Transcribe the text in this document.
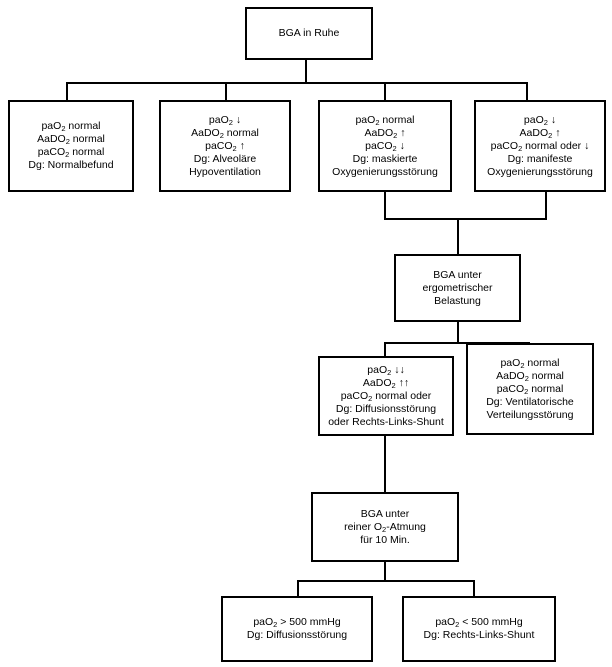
BGA in Ruhe
paO$_2$ normal
AaDO$_2$ normal
paCO$_2$ normal
Dg: Normalbefund
paO$_2$ ↓
AaDO$_2$ normal
paCO$_2$ ↑
Dg: Alveoläre
Hypoventilation
paO$_2$ normal
AaDO$_2$ ↑
paCO$_2$ ↓
Dg: maskierte
Oxygenierungsstörung
paO$_2$ ↓
AaDO$_2$ ↑
paCO$_2$ normal oder ↓
Dg: manifeste
Oxygenierungsstörung
BGA unter
ergometrischer
Belastung
paO$_2$ ↓↓
AaDO$_2$ ↑↑
paCO$_2$ normal oder
Dg: Diffusionsstörung
oder Rechts-Links-Shunt
paO$_2$ normal
AaDO$_2$ normal
paCO$_2$ normal
Dg: Ventilatorische
Verteilungsstörung
BGA unter
reiner $O_2$-Atmung
für 10 Min.
paO$_2$ > 500 mmHg
Dg: Diffusionsstörung
paO$_2$ < 500 mmHg
Dg: Rechts-Links-Shunt
